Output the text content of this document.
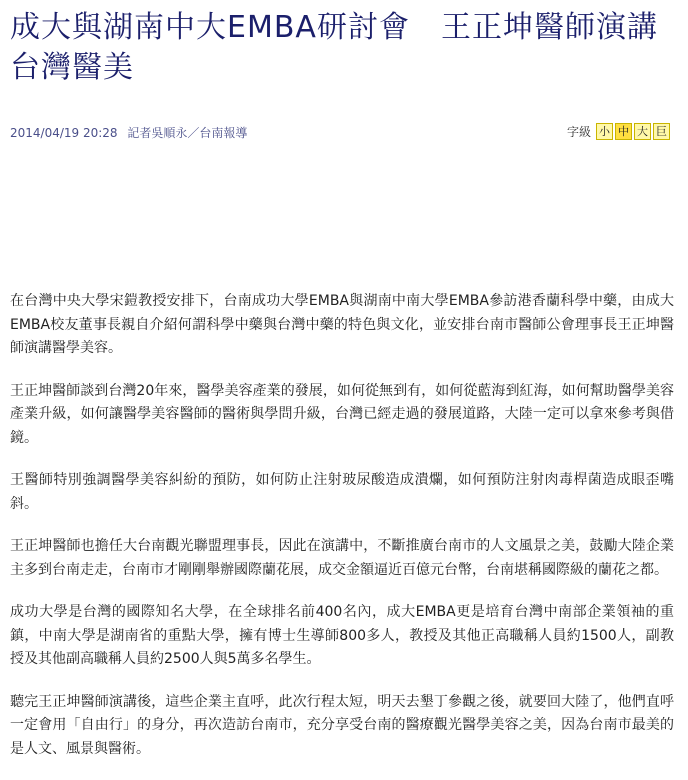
成大與湖南中大EMBA研討會　王正坤醫師演講台灣醫美
2014/04/19 20:28 記者吳順永／台南報導	字級 小 中 大 巨

在台灣中央大學宋鎧教授安排下，台南成功大學EMBA與湖南中南大學EMBA參訪港香蘭科學中藥，由成大EMBA校友董事長親自介紹何謂科學中藥與台灣中藥的特色與文化，並安排台南市醫師公會理事長王正坤醫師演講醫學美容。

王正坤醫師談到台灣20年來，醫學美容產業的發展，如何從無到有，如何從藍海到紅海，如何幫助醫學美容產業升級，如何讓醫學美容醫師的醫術與學問升級，台灣已經走過的發展道路，大陸一定可以拿來參考與借鏡。

王醫師特別強調醫學美容糾紛的預防，如何防止注射玻尿酸造成潰爛，如何預防注射肉毒桿菌造成眼歪嘴斜。

王正坤醫師也擔任大台南觀光聯盟理事長，因此在演講中，不斷推廣台南市的人文風景之美，鼓勵大陸企業主多到台南走走，台南市才剛剛舉辦國際蘭花展，成交金額逼近百億元台幣，台南堪稱國際級的蘭花之都。

成功大學是台灣的國際知名大學，在全球排名前400名內，成大EMBA更是培育台灣中南部企業領袖的重鎮，中南大學是湖南省的重點大學，擁有博士生導師800多人，教授及其他正高職稱人員約1500人，副教授及其他副高職稱人員約2500人與5萬多名學生。

聽完王正坤醫師演講後，這些企業主直呼，此次行程太短，明天去墾丁參觀之後，就要回大陸了，他們直呼一定會用「自由行」的身分，再次造訪台南市，充分享受台南的醫療觀光醫學美容之美，因為台南市最美的是人文、風景與醫術。
